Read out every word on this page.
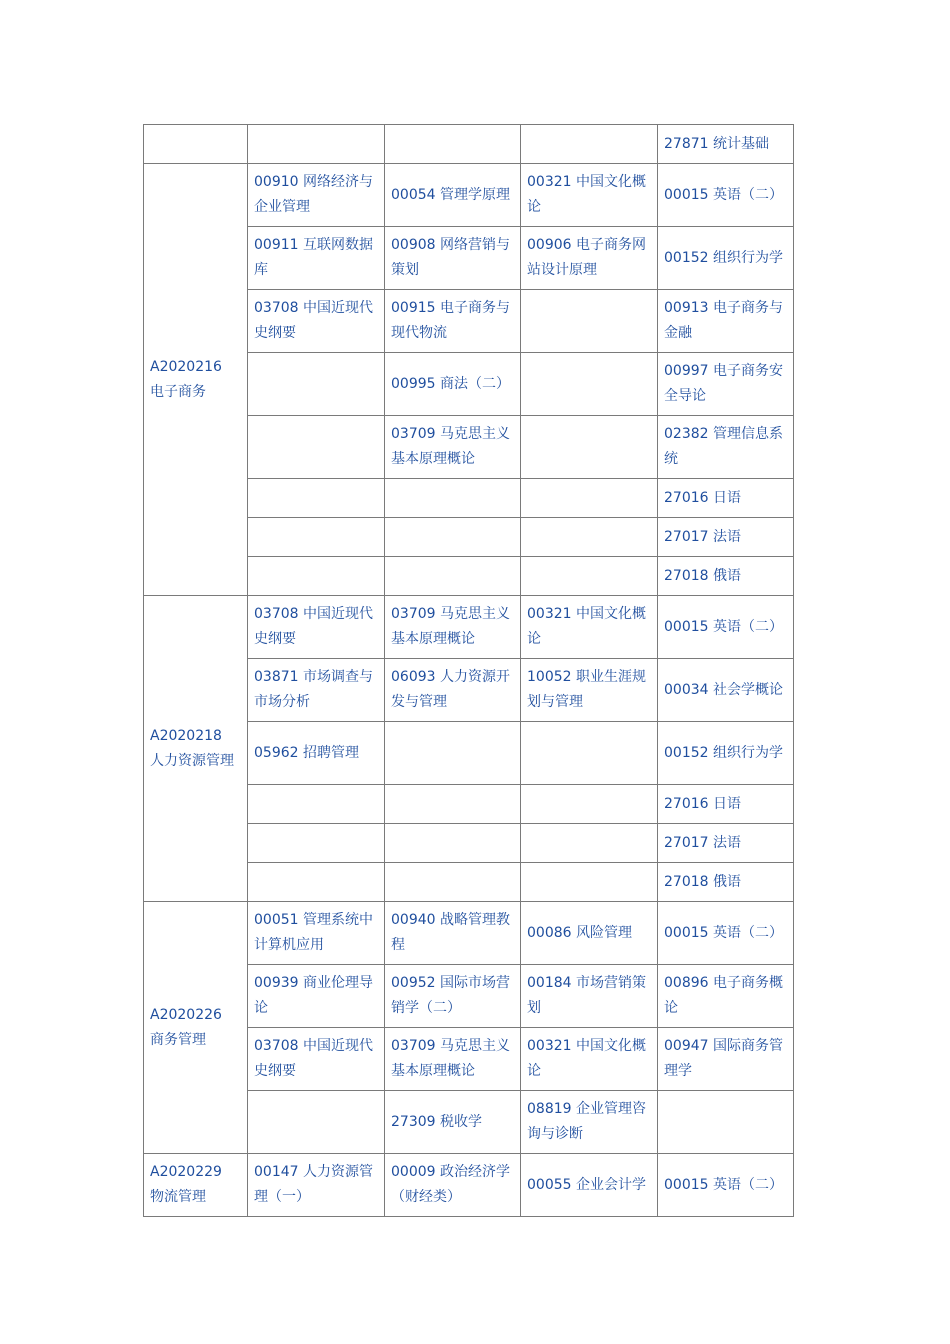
				27871 统计基础

A2020216
电子商务	00910 网络经济与企业管理	00054 管理学原理	00321 中国文化概论	00015 英语（二）
	00911 互联网数据库	00908 网络营销与策划	00906 电子商务网站设计原理	00152 组织行为学
	03708 中国近现代史纲要	00915 电子商务与现代物流		00913 电子商务与金融
		00995 商法（二）		00997 电子商务安全导论
		03709 马克思主义基本原理概论		02382 管理信息系统
				27016 日语
				27017 法语
				27018 俄语

A2020218
人力资源管理	03708 中国近现代史纲要	03709 马克思主义基本原理概论	00321 中国文化概论	00015 英语（二）
	03871 市场调查与市场分析	06093 人力资源开发与管理	10052 职业生涯规划与管理	00034 社会学概论
	05962 招聘管理			00152 组织行为学
				27016 日语
				27017 法语
				27018 俄语

A2020226
商务管理	00051 管理系统中计算机应用	00940 战略管理教程	00086 风险管理	00015 英语（二）
	00939 商业伦理导论	00952 国际市场营销学（二）	00184 市场营销策划	00896 电子商务概论
	03708 中国近现代史纲要	03709 马克思主义基本原理概论	00321 中国文化概论	00947 国际商务管理学
		27309 税收学	08819 企业管理咨询与诊断	

A2020229
物流管理	00147 人力资源管理（一）	00009 政治经济学（财经类）	00055 企业会计学	00015 英语（二）
